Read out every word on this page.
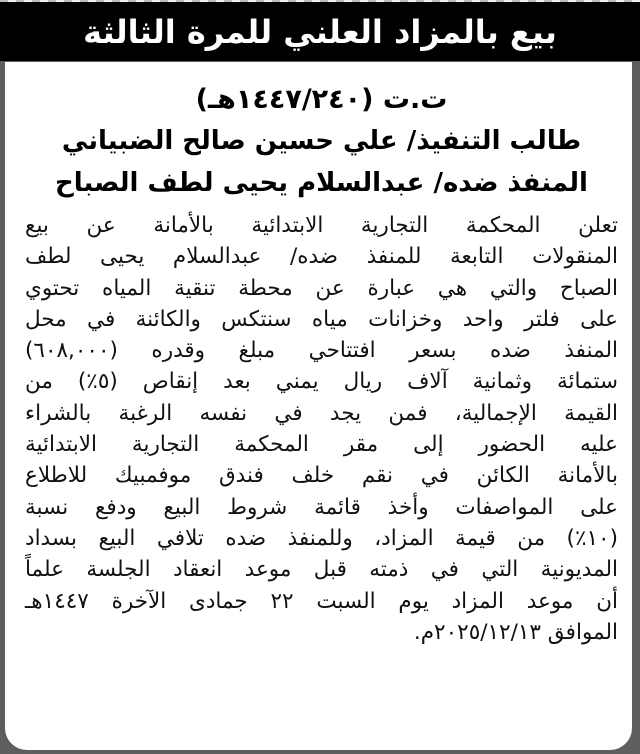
بيع بالمزاد العلني للمرة الثالثة
ت.ت (١٤٤٧/٢٤٠هـ)
طالب التنفيذ/ علي حسين صالح الضبياني
المنفذ ضده/ عبدالسلام يحيى لطف الصباح
تعلن المحكمة التجارية الابتدائية بالأمانة عن بيع
المنقولات التابعة للمنفذ ضده/ عبدالسلام يحيى لطف
الصباح والتي هي عبارة عن محطة تنقية المياه تحتوي
على فلتر واحد وخزانات مياه سنتكس والكائنة في محل
المنفذ ضده بسعر افتتاحي مبلغ وقدره (٦٠٨,٠٠٠)
ستمائة وثمانية آلاف ريال يمني بعد إنقاص (٥٪) من
القيمة الإجمالية، فمن يجد في نفسه الرغبة بالشراء
عليه الحضور إلى مقر المحكمة التجارية الابتدائية
بالأمانة الكائن في نقم خلف فندق موفمبيك للاطلاع
على المواصفات وأخذ قائمة شروط البيع ودفع نسبة
(١٠٪) من قيمة المزاد، وللمنفذ ضده تلافي البيع بسداد
المديونية التي في ذمته قبل موعد انعقاد الجلسة علماً
أن موعد المزاد يوم السبت ٢٢ جمادى الآخرة ١٤٤٧هـ
الموافق ٢٠٢٥/١٢/١٣م.
